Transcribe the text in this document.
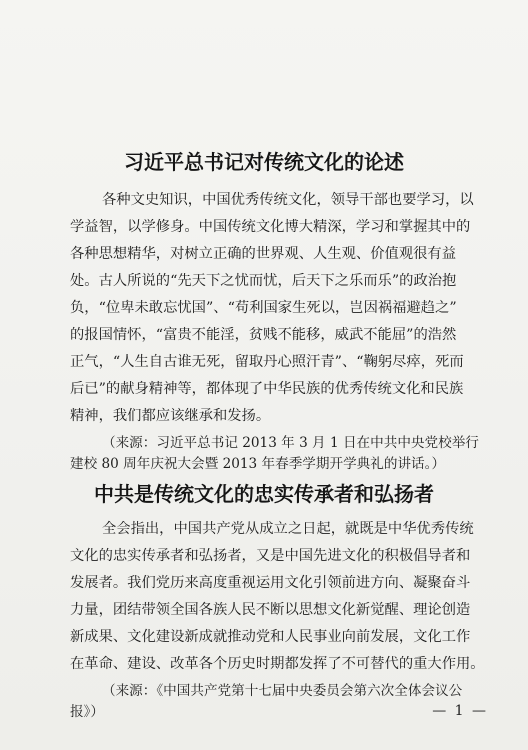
习近平总书记对传统文化的论述
各种文史知识，中国优秀传统文化，领导干部也要学习，以
学益智，以学修身。中国传统文化博大精深，学习和掌握其中的
各种思想精华，对树立正确的世界观、人生观、价值观很有益
处。古人所说的“先天下之忧而忧，后天下之乐而乐”的政治抱
负，“位卑未敢忘忧国”、“苟利国家生死以，岂因祸福避趋之”
的报国情怀，“富贵不能淫，贫贱不能移，威武不能屈”的浩然
正气，“人生自古谁无死，留取丹心照汗青”、“鞠躬尽瘁，死而
后已”的献身精神等，都体现了中华民族的优秀传统文化和民族
精神，我们都应该继承和发扬。
（来源：习近平总书记 2013 年 3 月 1 日在中共中央党校举行
建校 80 周年庆祝大会暨 2013 年春季学期开学典礼的讲话。）
中共是传统文化的忠实传承者和弘扬者
全会指出，中国共产党从成立之日起，就既是中华优秀传统
文化的忠实传承者和弘扬者，又是中国先进文化的积极倡导者和
发展者。我们党历来高度重视运用文化引领前进方向、凝聚奋斗
力量，团结带领全国各族人民不断以思想文化新觉醒、理论创造
新成果、文化建设新成就推动党和人民事业向前发展，文化工作
在革命、建设、改革各个历史时期都发挥了不可替代的重大作用。
（来源：《中国共产党第十七届中央委员会第六次全体会议公
报》）	— 1 —
